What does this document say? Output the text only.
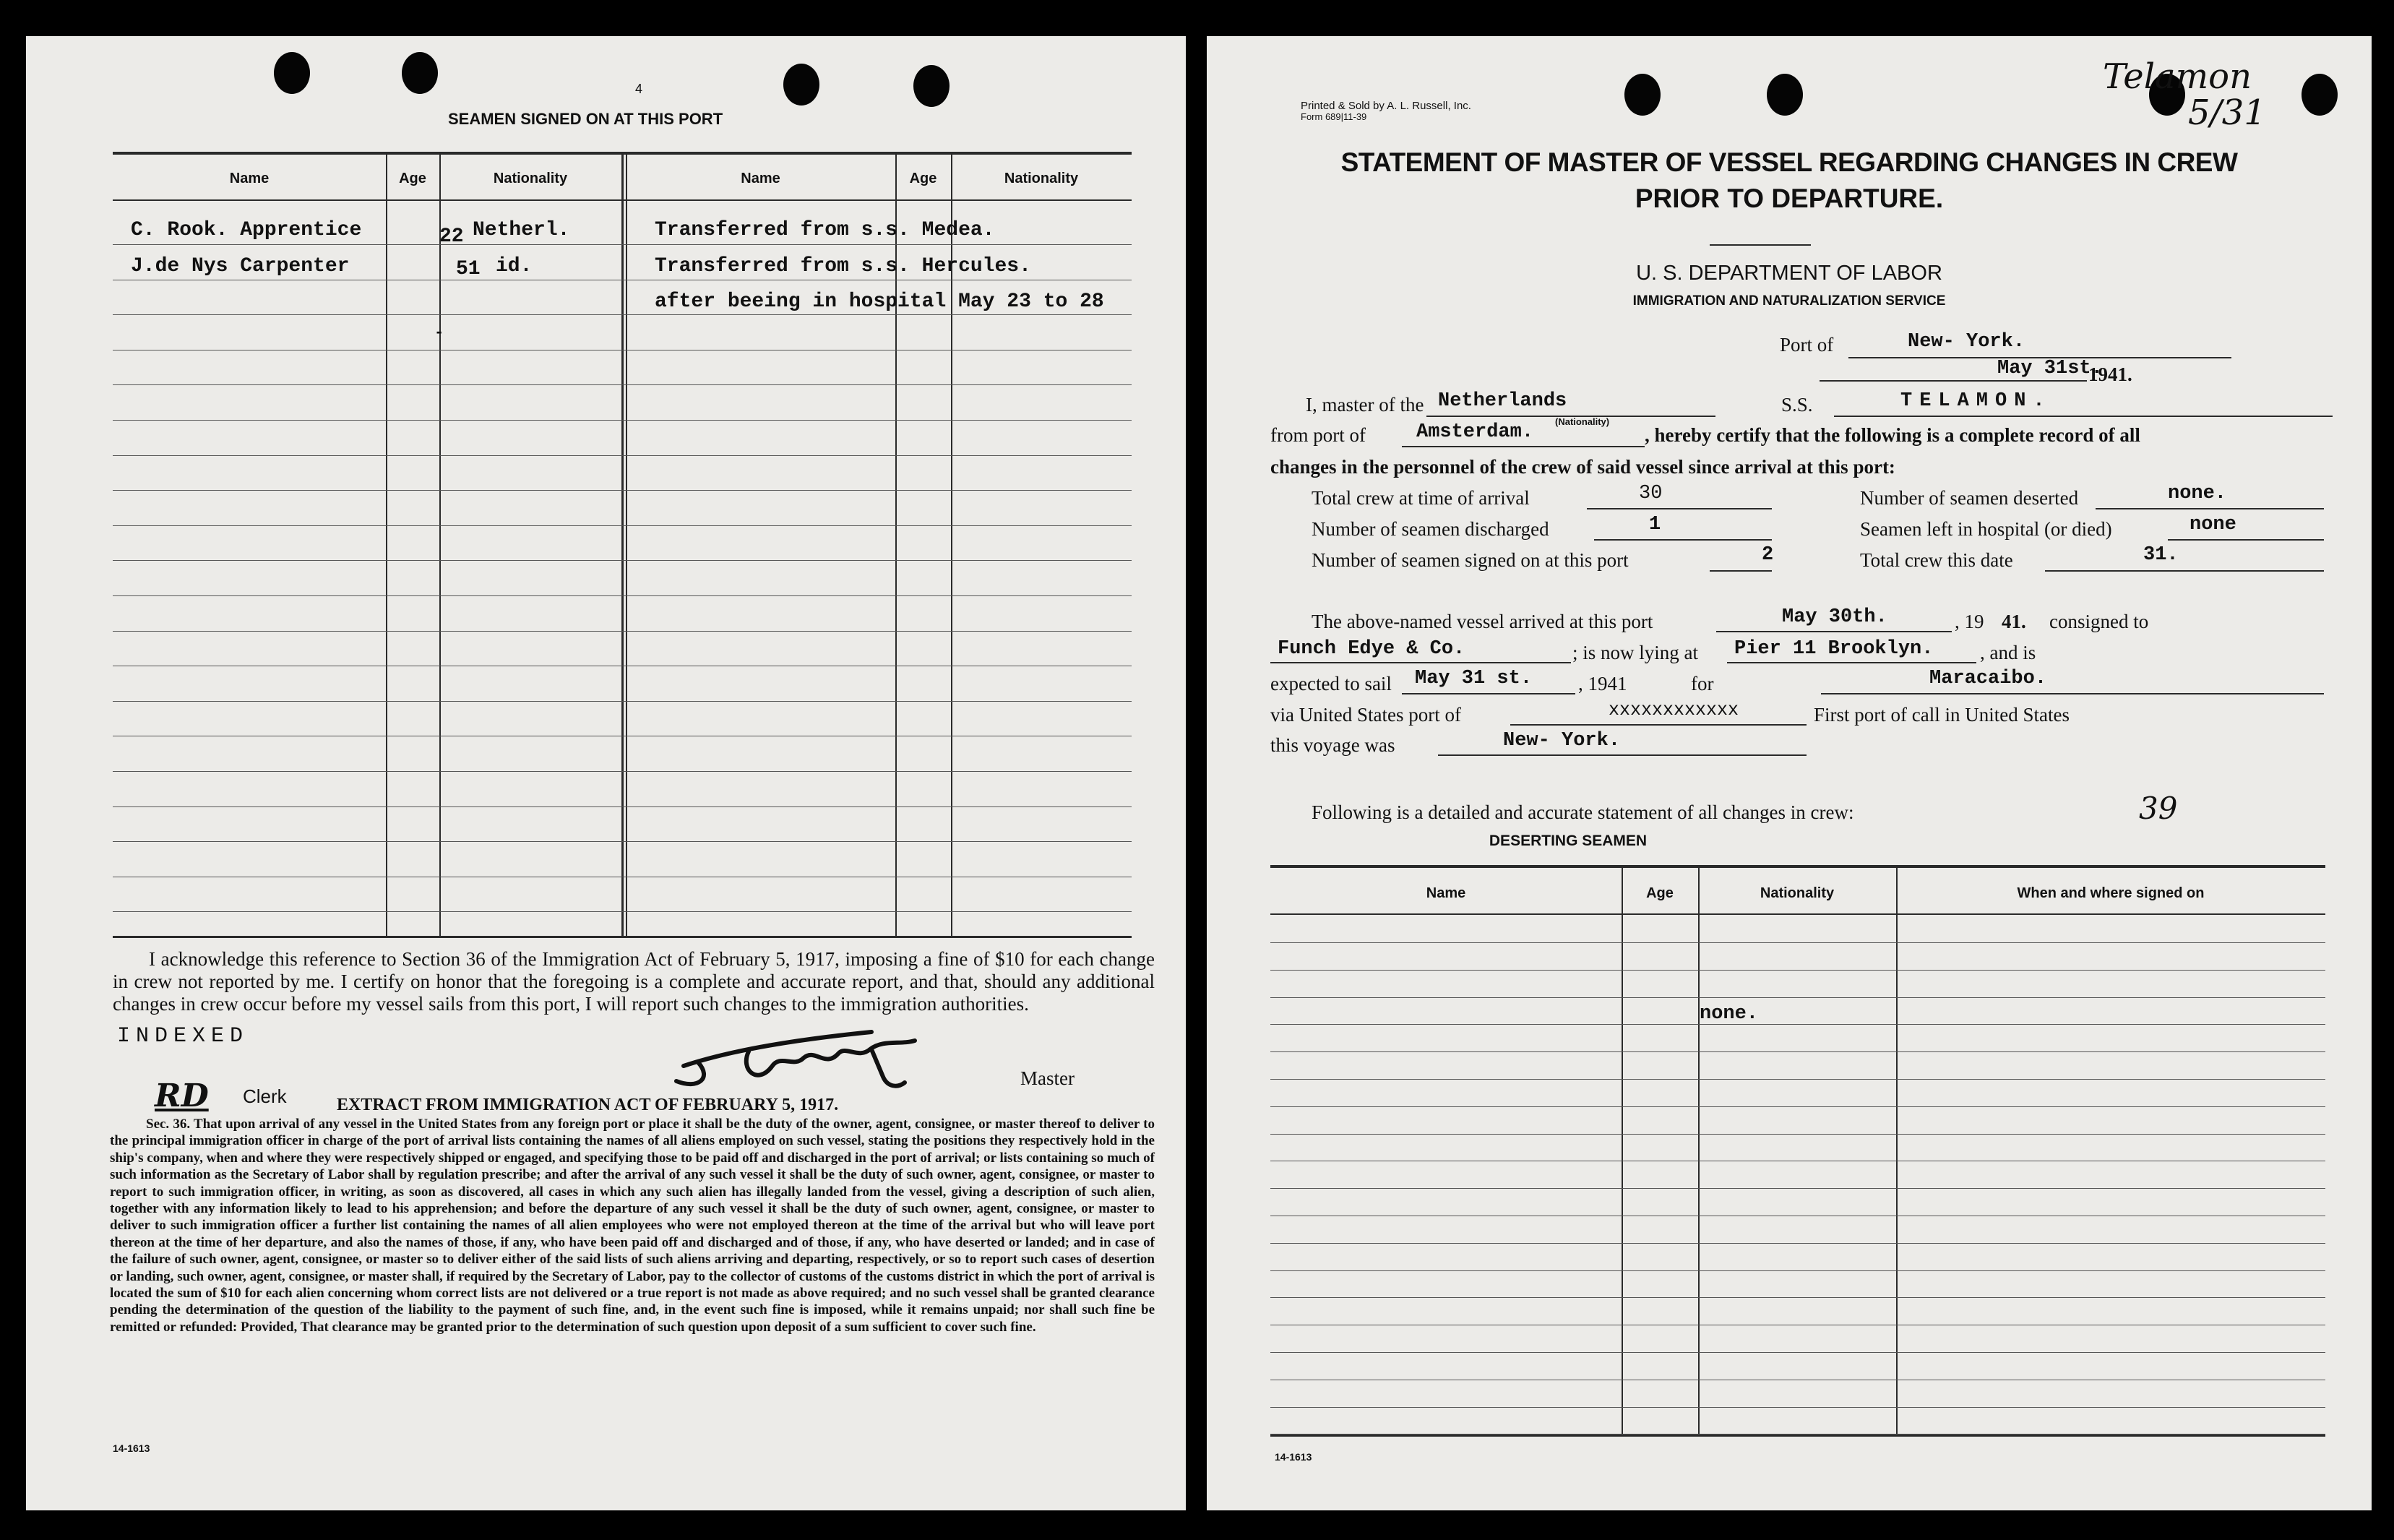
4
SEAMEN SIGNED ON AT THIS PORT
Name	Age	Nationality	Name	Age	Nationality
C. Rook. Apprentice	22 Netherl.	Transferred from s.s. Medea.
J.de Nys Carpenter	51 id.	Transferred from s.s. Hercules.
after beeing in hospital May 23 to 28
-
I acknowledge this reference to Section 36 of the Immigration Act of February 5, 1917, imposing a fine of $10 for each change in crew not reported by me. I certify on honor that the foregoing is a complete and accurate report, and that, should any additional changes in crew occur before my vessel sails from this port, I will report such changes to the immigration authorities.
INDEXED
Master
RD Clerk	EXTRACT FROM IMMIGRATION ACT OF FEBRUARY 5, 1917.
Sec. 36. That upon arrival of any vessel in the United States from any foreign port or place it shall be the duty of the owner, agent, consignee, or master thereof to deliver to the principal immigration officer in charge of the port of arrival lists containing the names of all aliens employed on such vessel, stating the positions they respectively hold in the ship's company, when and where they were respectively shipped or engaged, and specifying those to be paid off and discharged in the port of arrival; or lists containing so much of such information as the Secretary of Labor shall by regulation prescribe; and after the arrival of any such vessel it shall be the duty of such owner, agent, consignee, or master to report to such immigration officer, in writing, as soon as discovered, all cases in which any such alien has illegally landed from the vessel, giving a description of such alien, together with any information likely to lead to his apprehension; and before the departure of any such vessel it shall be the duty of such owner, agent, consignee, or master to deliver to such immigration officer a further list containing the names of all alien employees who were not employed thereon at the time of the arrival but who will leave port thereon at the time of her departure, and also the names of those, if any, who have been paid off and discharged and of those, if any, who have deserted or landed; and in case of the failure of such owner, agent, consignee, or master so to deliver either of the said lists of such aliens arriving and departing, respectively, or so to report such cases of desertion or landing, such owner, agent, consignee, or master shall, if required by the Secretary of Labor, pay to the collector of customs of the customs district in which the port of arrival is located the sum of $10 for each alien concerning whom correct lists are not delivered or a true report is not made as above required; and no such vessel shall be granted clearance pending the determination of the question of the liability to the payment of such fine, and, in the event such fine is imposed, while it remains unpaid; nor shall such fine be remitted or refunded: Provided, That clearance may be granted prior to the determination of such question upon deposit of a sum sufficient to cover such fine.
14-1613
Printed & Sold by A. L. Russell, Inc.
Form 689|11-39
Telamon
5/31
STATEMENT OF MASTER OF VESSEL REGARDING CHANGES IN CREW
PRIOR TO DEPARTURE.
U. S. DEPARTMENT OF LABOR
IMMIGRATION AND NATURALIZATION SERVICE
Port of	New- York.
May 31st.
1941.
I, master of the Netherlands
(Nationality)
S.S.	TELAMON.
from port of	Amsterdam.	, hereby certify that the following is a complete record of all
changes in the personnel of the crew of said vessel since arrival at this port:
Total crew at time of arrival	30
Number of seamen discharged	1
Number of seamen signed on at this port	2
Number of seamen deserted	none.
Seamen left in hospital (or died)	none
Total crew this date	31.
The above-named vessel arrived at this port	May 30th.	, 19 41. consigned to
Funch Edye & Co.	; is now lying at Pier 11 Brooklyn. , and is
expected to sail May 31 st. , 1941	for	Maracaibo.
via United States port of	xxxxxxxxxxxx	First port of call in United States
this voyage was	New- York.
Following is a detailed and accurate statement of all changes in crew:	39
DESERTING SEAMEN
Name	Age	Nationality	When and where signed on
none.
14-1613
